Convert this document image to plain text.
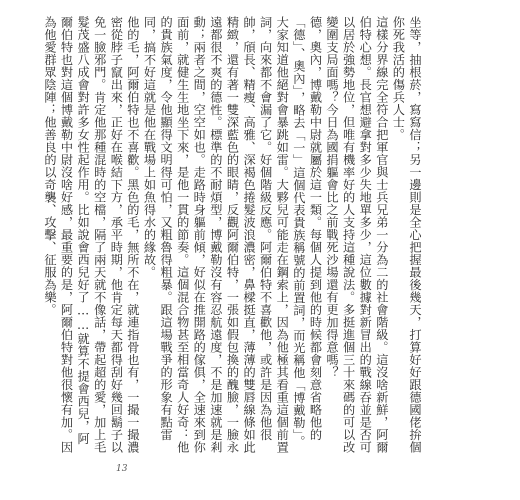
坐等，抽根菸，寫寫信；另一邊則是全心把握最後幾天，打算好好跟德國佬拚個你死我活的傷兵人士。

這樣分界線完全符合把軍官與士兵兄弟一分為二的社會階級。這沒啥新鮮，阿爾伯特心想。長官想避拿對多少失地單多少，這位數據對新冒出的戰線吞並是否可以居於強勢地位，但唯有機率好的人支持這種說法。多挺進個三十來碼的可以改變圍支局面嗎？今日為國捐軀會比之前戰死沙場還有更加得意嗎？

德，奧內，博戴勒中尉就屬於這一類。每個人提到他的時候都會刻意省略他的「德」、奧內」，略去「一」這個代表貴族稱號的前置詞，而光稱他「博戴勒」。大家知道他絕對會暴跳如雷。大夥兒可能走在鋼索上，因為他極其看重這個前置詞，向來都不會漏了它。好個階級反應。阿爾伯特不喜歡他，或許是因為他很帥，頎長、精瘦、高雅、深褐色捲髮波浪濃密，鼻樑挺直，薄薄的雙唇線條如此精緻，還有著一雙深藍色的眼睛，反觀阿爾伯特，一張如假包換的醜臉，一臉永遠都很不爽的德性。標準的不耐煩型，博戴勒沒有容忍航遠度，不是加速就是剎動；兩者之間，空空如也。走路時身軀前傾，好似在推開路的傢俱，全速來到你面前，就健生生地坐下來，是他一貫的節奏。這個混合物甚至相當奇人好奇：他的貴族氣度，令他顯得文明得可怕，又粗魯得粗暴。跟這場戰爭的形象有點雷同，搞不好這就是他在戰場上如魚得水的緣故。

他的毛，阿爾伯特也不喜歡。黑色的毛，無所不在，就連指骨也有，一撮一撮濃密從脖子竄出來，正好在喉結下方，承平時期，他肯定每天都得刮好幾回鬍子以免一臉邪門。肯定他那種混時的空檔，隔了兩天就不像話，帶起超的愛，加上毛髮茂盛八成會對許多女性起作用。比如說會西兒好了……就算不提會西兒，阿爾伯特也對這個博戴勒中尉沒啥好感，最重要的是，阿爾伯特對他很懷有加。因為他愛群眾陰陣；他善良的以奇襲、攻擊、征服為樂。

13
